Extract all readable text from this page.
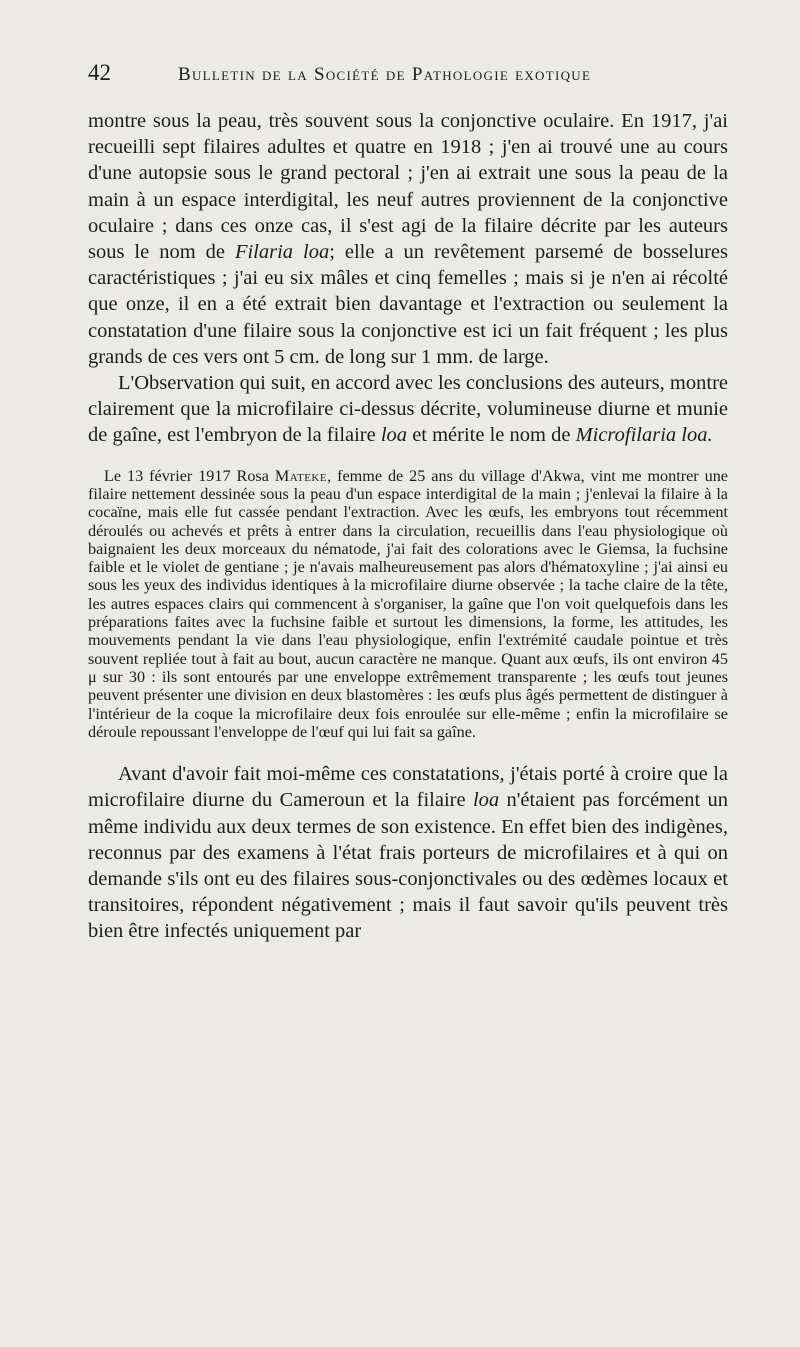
42	Bulletin de la Société de Pathologie exotique

montre sous la peau, très souvent sous la conjonctive oculaire. En 1917, j'ai recueilli sept filaires adultes et quatre en 1918 ; j'en ai trouvé une au cours d'une autopsie sous le grand pectoral ; j'en ai extrait une sous la peau de la main à un espace interdigital, les neuf autres proviennent de la conjonctive oculaire ; dans ces onze cas, il s'est agi de la filaire décrite par les auteurs sous le nom de Filaria loa; elle a un revêtement parsemé de bosselures caractéristiques ; j'ai eu six mâles et cinq femelles ; mais si je n'en ai récolté que onze, il en a été extrait bien davantage et l'extraction ou seulement la constatation d'une filaire sous la conjonctive est ici un fait fréquent ; les plus grands de ces vers ont 5 cm. de long sur 1 mm. de large.

L'Observation qui suit, en accord avec les conclusions des auteurs, montre clairement que la microfilaire ci-dessus décrite, volumineuse diurne et munie de gaîne, est l'embryon de la filaire loa et mérite le nom de Microfilaria loa.

Le 13 février 1917 Rosa Mateke, femme de 25 ans du village d'Akwa, vint me montrer une filaire nettement dessinée sous la peau d'un espace interdigital de la main ; j'enlevai la filaire à la cocaïne, mais elle fut cassée pendant l'extraction. Avec les œufs, les embryons tout récemment déroulés ou achevés et prêts à entrer dans la circulation, recueillis dans l'eau physiologique où baignaient les deux morceaux du nématode, j'ai fait des colorations avec le Giemsa, la fuchsine faible et le violet de gentiane ; je n'avais malheureusement pas alors d'hématoxyline ; j'ai ainsi eu sous les yeux des individus identiques à la microfilaire diurne observée ; la tache claire de la tête, les autres espaces clairs qui commencent à s'organiser, la gaîne que l'on voit quelquefois dans les préparations faites avec la fuchsine faible et surtout les dimensions, la forme, les attitudes, les mouvements pendant la vie dans l'eau physiologique, enfin l'extrémité caudale pointue et très souvent repliée tout à fait au bout, aucun caractère ne manque. Quant aux œufs, ils ont environ 45 μ sur 30 : ils sont entourés par une enveloppe extrêmement transparente ; les œufs tout jeunes peuvent présenter une division en deux blastomères : les œufs plus âgés permettent de distinguer à l'intérieur de la coque la microfilaire deux fois enroulée sur elle-même ; enfin la microfilaire se déroule repoussant l'enveloppe de l'œuf qui lui fait sa gaîne.

Avant d'avoir fait moi-même ces constatations, j'étais porté à croire que la microfilaire diurne du Cameroun et la filaire loa n'étaient pas forcément un même individu aux deux termes de son existence. En effet bien des indigènes, reconnus par des examens à l'état frais porteurs de microfilaires et à qui on demande s'ils ont eu des filaires sous-conjonctivales ou des œdèmes locaux et transitoires, répondent négativement ; mais il faut savoir qu'ils peuvent très bien être infectés uniquement par
